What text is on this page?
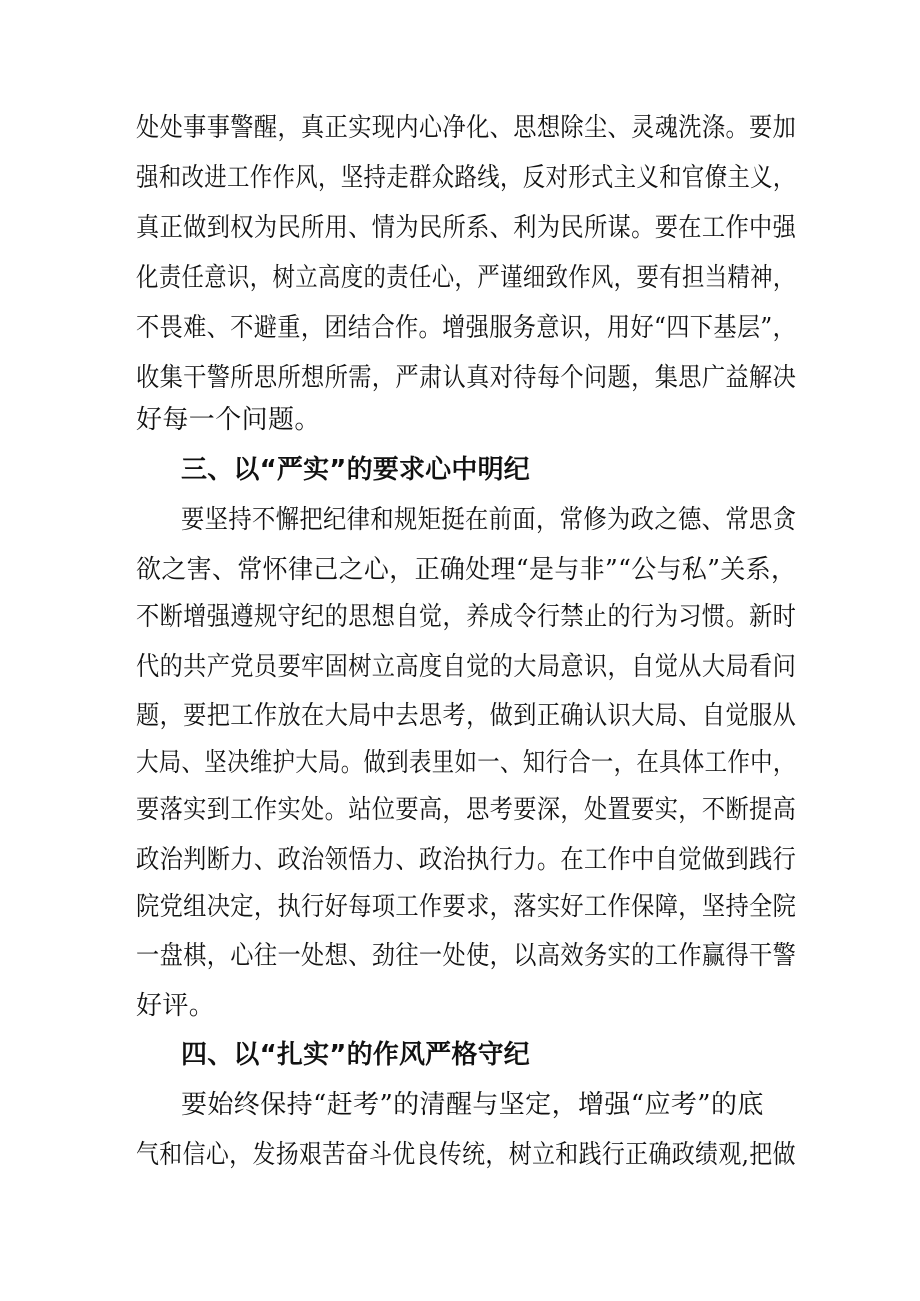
处处事事警醒，真正实现内心净化、思想除尘、灵魂洗涤。要加
强和改进工作作风，坚持走群众路线，反对形式主义和官僚主义，
真正做到权为民所用、情为民所系、利为民所谋。要在工作中强
化责任意识，树立高度的责任心，严谨细致作风，要有担当精神，
不畏难、不避重，团结合作。增强服务意识，用好“四下基层”，
收集干警所思所想所需，严肃认真对待每个问题，集思广益解决
好每一个问题。
三、以“严实”的要求心中明纪
要坚持不懈把纪律和规矩挺在前面，常修为政之德、常思贪
欲之害、常怀律己之心，正确处理“是与非”“公与私”关系，
不断增强遵规守纪的思想自觉，养成令行禁止的行为习惯。新时
代的共产党员要牢固树立高度自觉的大局意识，自觉从大局看问
题，要把工作放在大局中去思考，做到正确认识大局、自觉服从
大局、坚决维护大局。做到表里如一、知行合一，在具体工作中，
要落实到工作实处。站位要高，思考要深，处置要实，不断提高
政治判断力、政治领悟力、政治执行力。在工作中自觉做到践行
院党组决定，执行好每项工作要求，落实好工作保障，坚持全院
一盘棋，心往一处想、劲往一处使，以高效务实的工作赢得干警
好评。
四、以“扎实”的作风严格守纪
要始终保持“赶考”的清醒与坚定，增强“应考”的底
气和信心，发扬艰苦奋斗优良传统，树立和践行正确政绩观,把做
